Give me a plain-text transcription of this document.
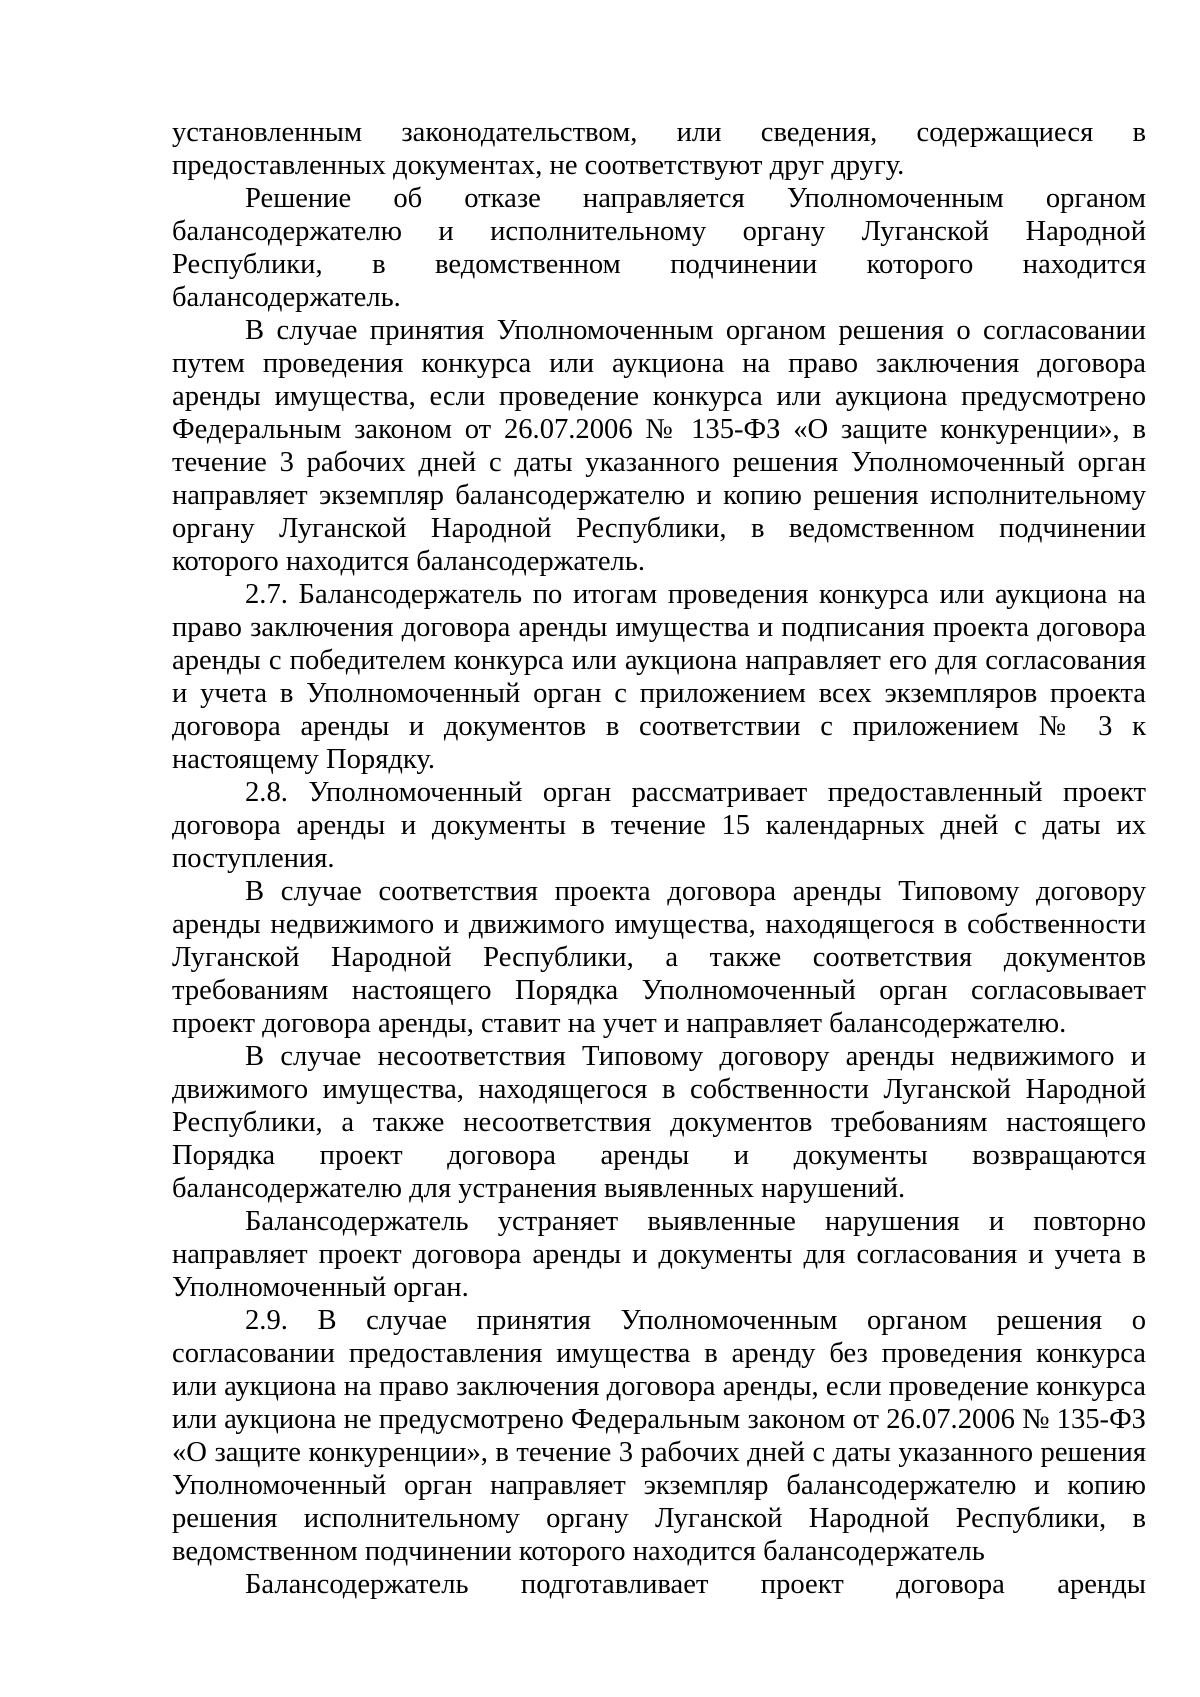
установленным законодательством, или сведения, содержащиеся в предоставленных документах, не соответствуют друг другу.

Решение об отказе направляется Уполномоченным органом балансодержателю и исполнительному органу Луганской Народной Республики, в ведомственном подчинении которого находится балансодержатель.

В случае принятия Уполномоченным органом решения о согласовании путем проведения конкурса или аукциона на право заключения договора аренды имущества, если проведение конкурса или аукциона предусмотрено Федеральным законом от 26.07.2006 № 135-ФЗ «О защите конкуренции», в течение 3 рабочих дней с даты указанного решения Уполномоченный орган направляет экземпляр балансодержателю и копию решения исполнительному органу Луганской Народной Республики, в ведомственном подчинении которого находится балансодержатель.

2.7. Балансодержатель по итогам проведения конкурса или аукциона на право заключения договора аренды имущества и подписания проекта договора аренды с победителем конкурса или аукциона направляет его для согласования и учета в Уполномоченный орган с приложением всех экземпляров проекта договора аренды и документов в соответствии с приложением № 3 к настоящему Порядку.

2.8. Уполномоченный орган рассматривает предоставленный проект договора аренды и документы в течение 15 календарных дней с даты их поступления.

В случае соответствия проекта договора аренды Типовому договору аренды недвижимого и движимого имущества, находящегося в собственности Луганской Народной Республики, а также соответствия документов требованиям настоящего Порядка Уполномоченный орган согласовывает проект договора аренды, ставит на учет и направляет балансодержателю.

В случае несоответствия Типовому договору аренды недвижимого и движимого имущества, находящегося в собственности Луганской Народной Республики, а также несоответствия документов требованиям настоящего Порядка проект договора аренды и документы возвращаются балансодержателю для устранения выявленных нарушений.

Балансодержатель устраняет выявленные нарушения и повторно направляет проект договора аренды и документы для согласования и учета в Уполномоченный орган.

2.9. В случае принятия Уполномоченным органом решения о согласовании предоставления имущества в аренду без проведения конкурса или аукциона на право заключения договора аренды, если проведение конкурса или аукциона не предусмотрено Федеральным законом от 26.07.2006 № 135-ФЗ «О защите конкуренции», в течение 3 рабочих дней с даты указанного решения Уполномоченный орган направляет экземпляр балансодержателю и копию решения исполнительному органу Луганской Народной Республики, в ведомственном подчинении которого находится балансодержатель

Балансодержатель подготавливает проект договора аренды
